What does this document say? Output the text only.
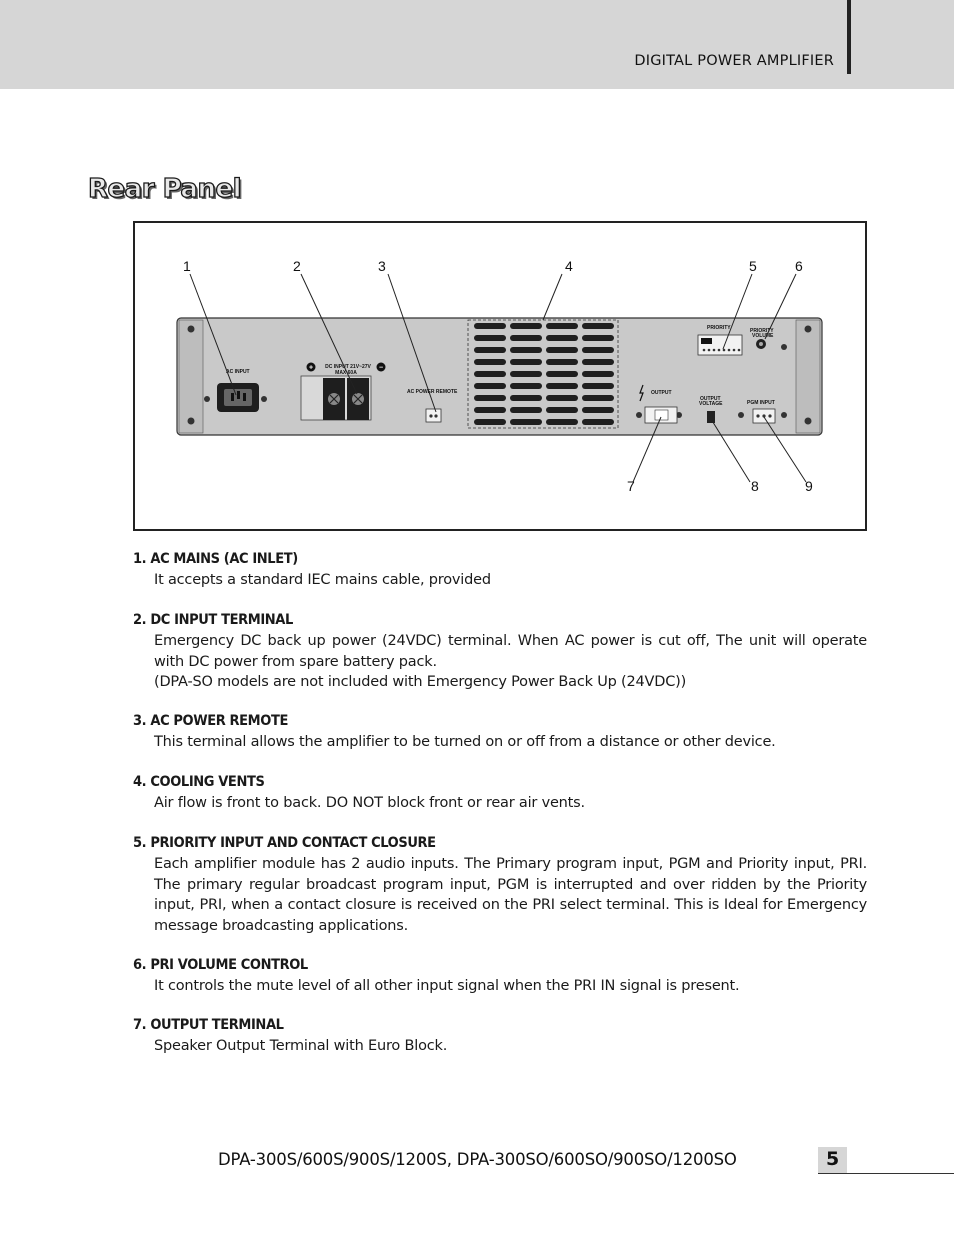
DIGITAL POWER AMPLIFIER
Rear Panel
AC INPUT
+	−
DC INPUT 21V~27V
MAX 60A
AC POWER REMOTE	OUTPUT
PRIORITY	PRIORITY
VOLUME
OUTPUT
VOLTAGE	PGM INPUT
1	2	3	4	5	6
7	8	9
1. AC MAINS (AC INLET)

It accepts a standard IEC mains cable, provided

2. DC INPUT TERMINAL

Emergency DC back up power (24VDC) terminal. When AC power is cut off, The unit will operate with DC power from spare battery pack.

(DPA-SO models are not included with Emergency Power Back Up (24VDC))

3. AC POWER REMOTE

This terminal allows the amplifier to be turned on or off from a distance or other device.

4. COOLING VENTS

Air flow is front to back. DO NOT block front or rear air vents.

5. PRIORITY INPUT AND CONTACT CLOSURE

Each amplifier module has 2 audio inputs. The Primary program input, PGM and Priority input, PRI. The primary regular broadcast program input, PGM is interrupted and over ridden by the Priority input, PRI, when a contact closure is received on the PRI select terminal. This is Ideal for Emergency message broadcasting applications.

6. PRI VOLUME CONTROL

It controls the mute level of all other input signal when the PRI IN signal is present.

7. OUTPUT TERMINAL

Speaker Output Terminal with Euro Block.

DPA-300S/600S/900S/1200S, DPA-300SO/600SO/900SO/1200SO	5
